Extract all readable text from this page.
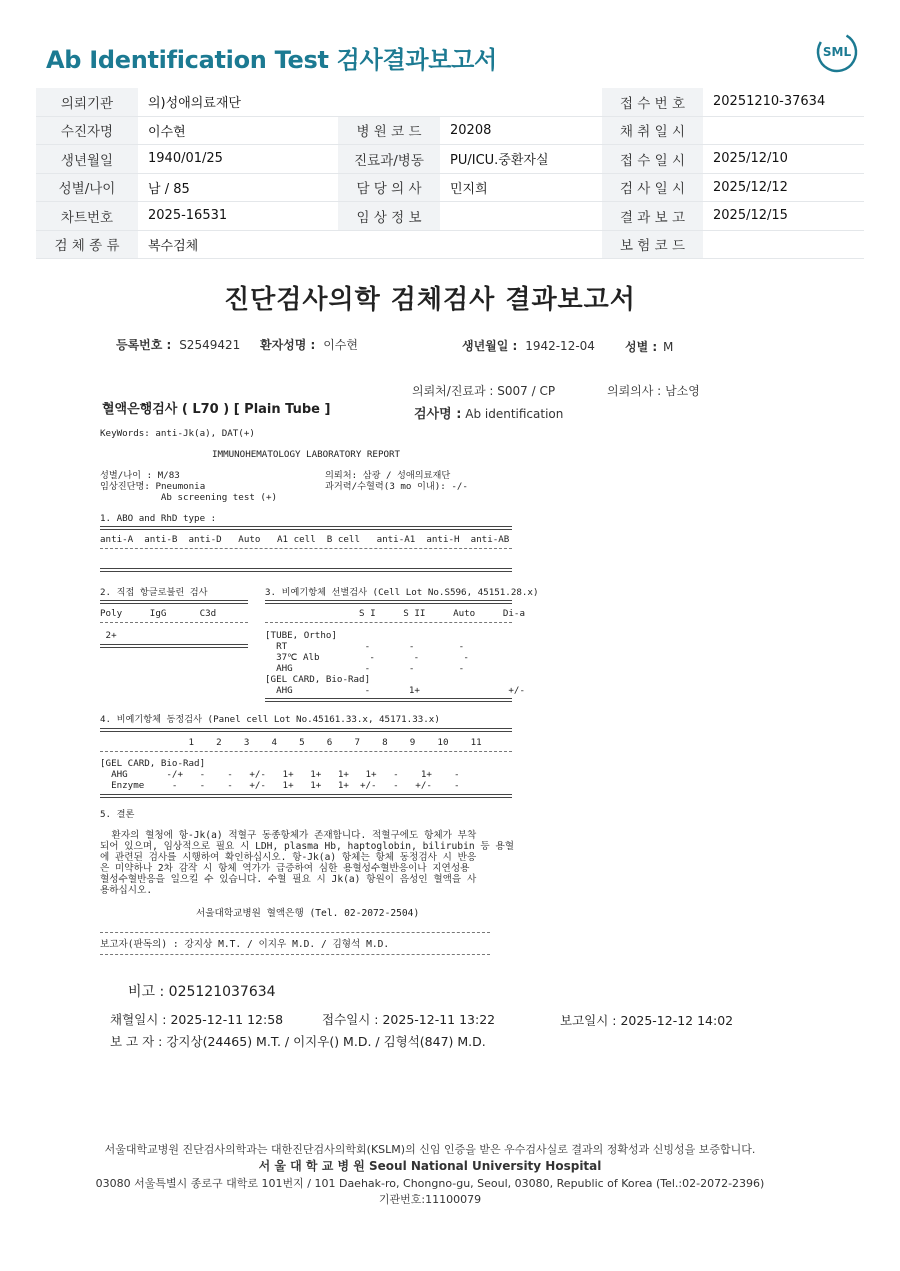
Ab Identification Test 검사결과보고서	SML
의뢰기관	의)성애의료재단			접 수 번 호	20251210-37634
수진자명	이수현	병 원 코 드	20208	채 취 일 시	
생년월일	1940/01/25	진료과/병동	PU/ICU.중환자실	접 수 일 시	2025/12/10
성별/나이	남 / 85	담 당 의 사	민지희	검 사 일 시	2025/12/12
차트번호	2025-16531	임 상 정 보		결 과 보 고	2025/12/15
검 체 종 류	복수검체			보 험 코 드	
진단검사의학 검체검사 결과보고서
등록번호 : S2549421 환자성명 : 이수현	생년월일 : 1942-12-04	성별 : M
의뢰처/진료과 : S007 / CP	의뢰의사 : 남소영
혈액은행검사 ( L70 ) [ Plain Tube ]	검사명 : Ab identification
KeyWords: anti-Jk(a), DAT(+)
IMMUNOHEMATOLOGY LABORATORY REPORT
성별/나이 : M/83
임상진단명: Pneumonia
Ab screening test (+)
의뢰처: 삼광 / 성애의료재단
과거력/수혈력(3 mo 이내): -/-
1. ABO and RhD type :
anti-A  anti-B  anti-D   Auto   A1 cell  B cell   anti-A1  anti-H  anti-AB
2. 직접 항글로불린 검사
Poly     IgG      C3d
2+
3. 비예기항체 선별검사 (Cell Lot No.S596, 45151.28.x)
S I     S II     Auto     Di-a
[TUBE, Ortho]
RT              -       -        -
37℃ Alb         -       -        -
AHG             -       -        -
[GEL CARD, Bio-Rad]
AHG             -       1+                +/-
4. 비예기항체 동정검사 (Panel cell Lot No.45161.33.x, 45171.33.x)
1    2    3    4    5    6    7    8    9    10    11
[GEL CARD, Bio-Rad]
AHG       -/+   -    -   +/-   1+   1+   1+   1+   -    1+    -
Enzyme     -    -    -   +/-   1+   1+   1+  +/-   -   +/-    -
5. 결론
환자의 혈청에 항-Jk(a) 적혈구 동종항체가 존재합니다. 적혈구에도 항체가 부착
되어 있으며, 임상적으로 필요 시 LDH, plasma Hb, haptoglobin, bilirubin 등 용혈
에 관련된 검사를 시행하여 확인하십시오. 항-Jk(a) 항체는 항체 동정검사 시 반응
은 미약하나 2차 감작 시 항체 역가가 급증하여 심한 용혈성수혈반응이나 지연성용
혈성수혈반응을 일으킬 수 있습니다. 수혈 필요 시 Jk(a) 항원이 음성인 혈액을 사
용하십시오.
서울대학교병원 혈액은행 (Tel. 02-2072-2504)
보고자(판독의) : 강지상 M.T. / 이지우 M.D. / 김형석 M.D.
비고 : 025121037634
채혈일시 : 2025-12-11 12:58	접수일시 : 2025-12-11 13:22	보고일시 : 2025-12-12 14:02
보 고 자 : 강지상(24465) M.T. / 이지우() M.D. / 김형석(847) M.D.
서울대학교병원 진단검사의학과는 대한진단검사의학회(KSLM)의 신임 인증을 받은 우수검사실로 결과의 정확성과 신빙성을 보증합니다.
서 울 대 학 교 병 원 Seoul National University Hospital
03080 서울특별시 종로구 대학로 101번지 / 101 Daehak-ro, Chongno-gu, Seoul, 03080, Republic of Korea (Tel.:02-2072-2396)
기관번호:11100079
